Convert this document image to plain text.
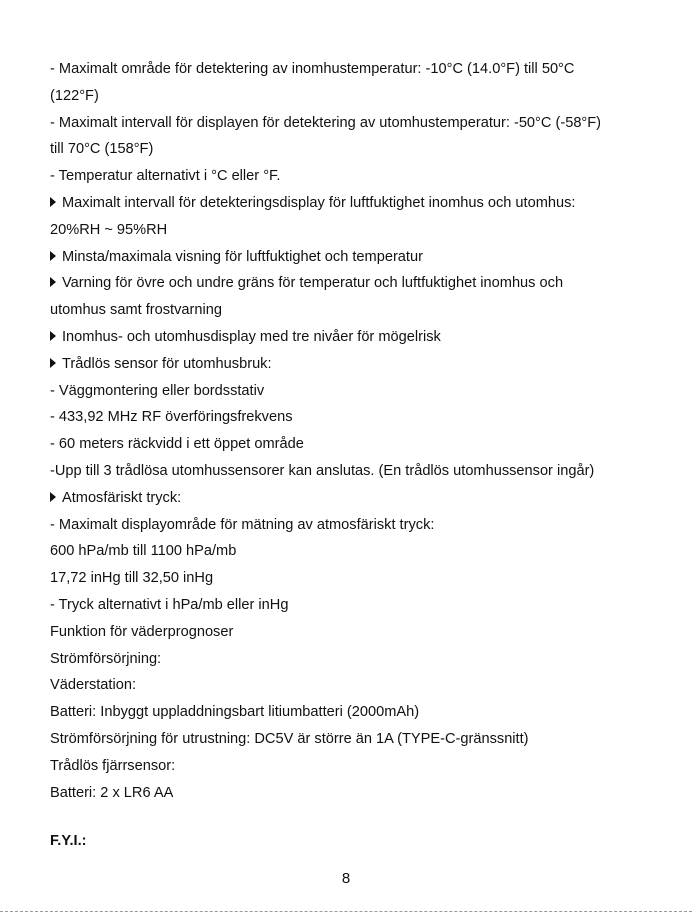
- Maximalt område för detektering av inomhustemperatur: -10°C (14.0°F) till 50°C
(122°F)
- Maximalt intervall för displayen för detektering av utomhustemperatur: -50°C (-58°F)
till 70°C (158°F)
- Temperatur alternativt i °C eller °F.
Maximalt intervall för detekteringsdisplay för luftfuktighet inomhus och utomhus:
20%RH ~ 95%RH
Minsta/maximala visning för luftfuktighet och temperatur
Varning för övre och undre gräns för temperatur och luftfuktighet inomhus och
utomhus samt frostvarning
Inomhus- och utomhusdisplay med tre nivåer för mögelrisk
Trådlös sensor för utomhusbruk:
- Väggmontering eller bordsstativ
- 433,92 MHz RF överföringsfrekvens
- 60 meters räckvidd i ett öppet område
-Upp till 3 trådlösa utomhussensorer kan anslutas. (En trådlös utomhussensor ingår)
Atmosfäriskt tryck:
- Maximalt displayområde för mätning av atmosfäriskt tryck:
600 hPa/mb till 1100 hPa/mb
17,72 inHg till 32,50 inHg
- Tryck alternativt i hPa/mb eller inHg
Funktion för väderprognoser
Strömförsörjning:
Väderstation:
Batteri: Inbyggt uppladdningsbart litiumbatteri (2000mAh)
Strömförsörjning för utrustning: DC5V är större än 1A (TYPE-C-gränssnitt)
Trådlös fjärrsensor:
Batteri: 2 x LR6 AA
F.Y.I.:
8
